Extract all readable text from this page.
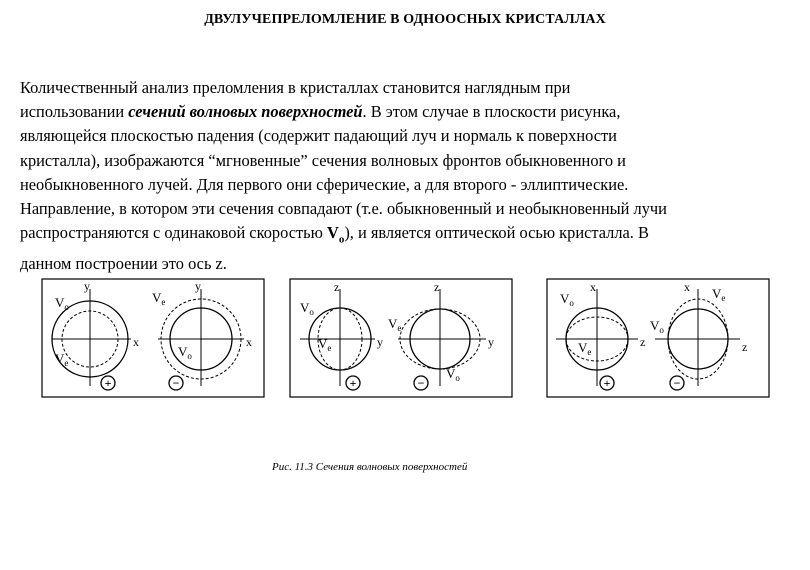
ДВУЛУЧЕПРЕЛОМЛЕНИЕ В ОДНООСНЫХ КРИСТАЛЛАХ
Количественный анализ преломления в кристаллах становится наглядным при
использовании сечений волновых поверхностей. В этом случае в плоскости рисунка,
являющейся плоскостью падения (содержит падающий луч и нормаль к поверхности
кристалла), изображаются “мгновенные” сечения волновых фронтов обыкновенного и
необыкновенного лучей. Для первого они сферические, а для второго - эллиптические.
Направление, в котором эти сечения совпадают (т.е. обыкновенный и необыкновенный лучи
распространяются с одинаковой скоростью $V_o$), и является оптической осью кристалла. В
данном построении это ось z.
y
x
$V_o$
$V_e$
+
y
x
$V_e$
$V_o$
−
z
y
$V_o$
$V_e$
+
z
y
$V_e$
$V_o$
−
x
z
$V_o$
$V_e$
+
x
z
$V_e$
$V_o$
−
Рис. 11.3 Сечения волновых поверхностей
